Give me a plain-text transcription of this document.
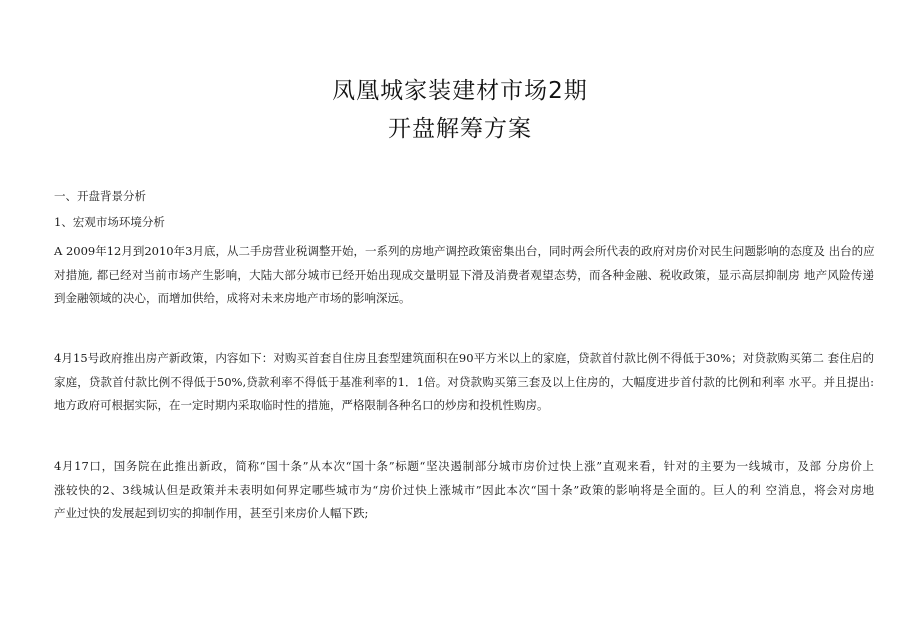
凤凰城家装建材市场2期
开盘解筹方案
一、开盘背景分析
1、宏观市场环境分析
A 2009年12月到2010年3月底，从二手房营业税调整开始，一系列的房地产调控政策密集出台，同时两会所代表的政府对房价对民生问题影响的态度及 出台的应
对措施, 都已经对当前市场产生影响，大陆大部分城市已经开始出现成交量明显下滑及消费者观望态势，而各种金融、税收政策，显示高层抑制房 地产风险传递
到金融领域的决心，而增加供给，成将对未来房地产市场的影响深远。
4月15号政府推出房产新政策，内容如下：对购买首套自住房且套型建筑面积在90平方米以上的家庭，贷款首付款比例不得低于30%；对贷款购买第二 套住启的
家庭，贷款首付款比例不得低于50%,贷款利率不得低于基准利率的1．1倍。对贷款购买第三套及以上住房的，大幅度进步首付款的比例和利率 水平。并且提出:
地方政府可根据实际，在一定时期内采取临时性的措施，严格限制各种名口的炒房和投机性购房。
4月17口，国务院在此推出新政，简称“国十条”从本次“国十条”标题“坚决遏制部分城市房价过快上涨”直观来看，针对的主要为一线城市，及部 分房价上
涨较快的2、3线城认但是政策并未表明如何界定哪些城市为“房价过快上涨城市”因此本次“国十条”政策的影响将是全面的。巨人的利 空消息，将会对房地
产业过快的发展起到切实的抑制作用，甚至引来房价人幅下跌;
